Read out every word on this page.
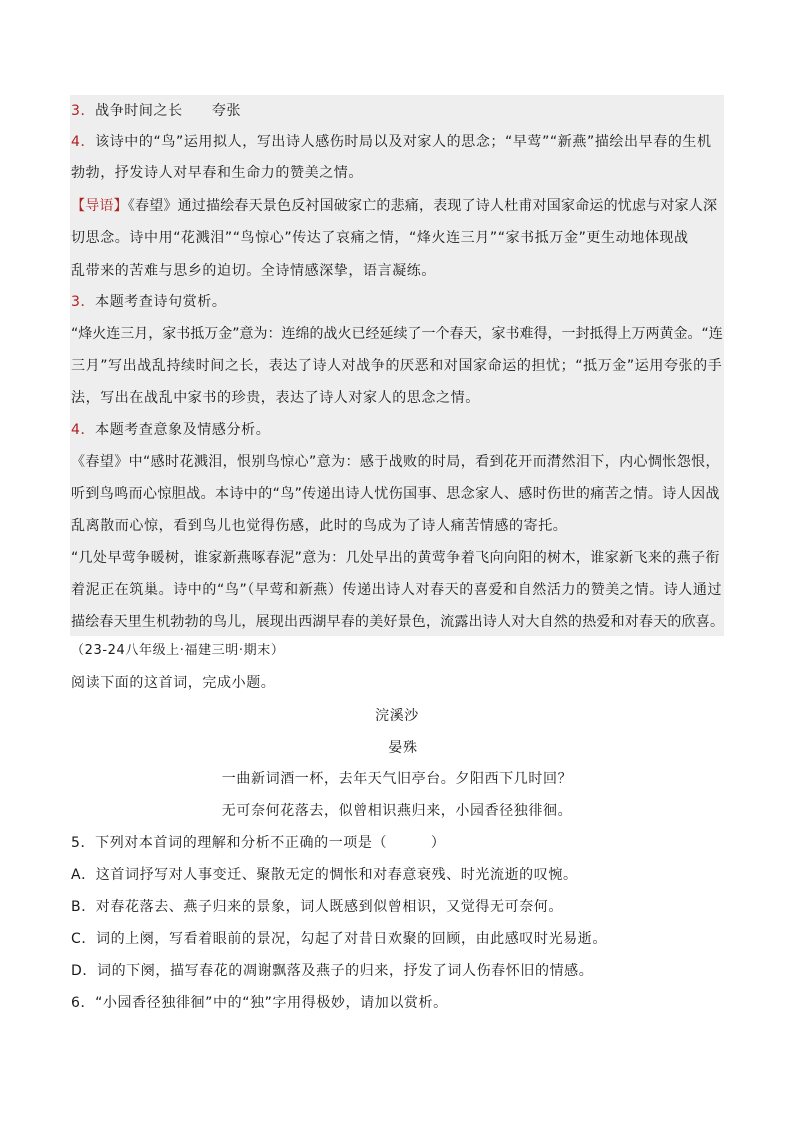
3．战争时间之长　　夸张
4．该诗中的“鸟”运用拟人，写出诗人感伤时局以及对家人的思念；“早莺”“新燕”描绘出早春的生机
勃勃，抒发诗人对早春和生命力的赞美之情。
【导语】《春望》通过描绘春天景色反衬国破家亡的悲痛，表现了诗人杜甫对国家命运的忧虑与对家人深
切思念。诗中用“花溅泪”“鸟惊心”传达了哀痛之情，“烽火连三月”“家书抵万金”更生动地体现战
乱带来的苦难与思乡的迫切。全诗情感深挚，语言凝练。
3．本题考查诗句赏析。
“烽火连三月，家书抵万金”意为：连绵的战火已经延续了一个春天，家书难得，一封抵得上万两黄金。“连
三月”写出战乱持续时间之长，表达了诗人对战争的厌恶和对国家命运的担忧；“抵万金”运用夸张的手
法，写出在战乱中家书的珍贵，表达了诗人对家人的思念之情。
4．本题考查意象及情感分析。
《春望》中“感时花溅泪，恨别鸟惊心”意为：感于战败的时局，看到花开而潸然泪下，内心惆怅怨恨，
听到鸟鸣而心惊胆战。本诗中的“鸟”传递出诗人忧伤国事、思念家人、感时伤世的痛苦之情。诗人因战
乱离散而心惊，看到鸟儿也觉得伤感，此时的鸟成为了诗人痛苦情感的寄托。
“几处早莺争暖树，谁家新燕啄春泥”意为：几处早出的黄莺争着飞向向阳的树木，谁家新飞来的燕子衔
着泥正在筑巢。诗中的“鸟”（早莺和新燕）传递出诗人对春天的喜爱和自然活力的赞美之情。诗人通过
描绘春天里生机勃勃的鸟儿，展现出西湖早春的美好景色，流露出诗人对大自然的热爱和对春天的欣喜。
（23-24八年级上·福建三明·期末）
阅读下面的这首词，完成小题。
浣溪沙
晏殊
一曲新词酒一杯，去年天气旧亭台。夕阳西下几时回？
无可奈何花落去，似曾相识燕归来，小园香径独徘徊。
5．下列对本首词的理解和分析不正确的一项是（　　　）
A．这首词抒写对人事变迁、聚散无定的惆怅和对春意衰残、时光流逝的叹惋。
B．对春花落去、燕子归来的景象，词人既感到似曾相识，又觉得无可奈何。
C．词的上阕，写看着眼前的景况，勾起了对昔日欢聚的回顾，由此感叹时光易逝。
D．词的下阕，描写春花的凋谢飘落及燕子的归来，抒发了词人伤春怀旧的情感。
6．“小园香径独徘徊”中的“独”字用得极妙，请加以赏析。
